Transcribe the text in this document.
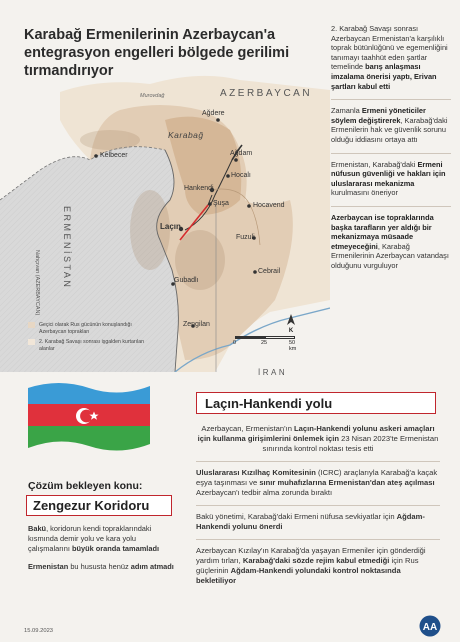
Murovdağ	AZERBAYCAN
Ağdere
Karabağ
Kelbecer	Ağdam
Hocalı
Hankendi
Laçın
Şuşa	Hocavend
Fuzuli
Cebrail
Gubadlı
Zengilan
ERMENİSTAN
Nahçıvan (AZERBAYCAN)
İRAN
Geçici olarak Rus gücünün konuşlandığı Azerbaycan toprakları
2. Karabağ Savaşı sonrası işgalden kurtarılan alanlar
K
0	25	50 km
Karabağ Ermenilerinin Azerbaycan'a entegrasyon engelleri bölgede gerilimi tırmandırıyor
2. Karabağ Savaşı sonrası Azerbaycan Ermenistan'a karşılıklı toprak bütünlüğünü ve egemenliğini tanımayı taahhüt eden şartlar temelinde barış anlaşması imzalama önerisi yaptı, Erivan şartları kabul etti
Zamanla Ermeni yöneticiler söylem değiştirerek, Karabağ'daki Ermenilerin hak ve güvenlik sorunu olduğu iddiasını ortaya attı
Ermenistan, Karabağ'daki Ermeni nüfusun güvenliği ve hakları için uluslararası mekanizma kurulmasını öneriyor
Azerbaycan ise topraklarında başka tarafların yer aldığı bir mekanizmaya müsaade etmeyeceğini, Karabağ Ermenilerinin Azerbaycan vatandaşı olduğunu vurguluyor
Laçın-Hankendi yolu

Azerbaycan, Ermenistan'ın Laçın-Hankendi yolunu askeri amaçları için kullanma girişimlerini önlemek için 23 Nisan 2023'te Ermenistan sınırında kontrol noktası tesis etti

Uluslararası Kızılhaç Komitesinin (ICRC) araçlarıyla Karabağ'a kaçak eşya taşınması ve sınır muhafızlarına Ermenistan'dan ateş açılması Azerbaycan'ı tedbir alma zorunda bıraktı

Bakü yönetimi, Karabağ'daki Ermeni nüfusa sevkiyatlar için Ağdam-Hankendi yolunu önerdi

Azerbaycan Kızılay'ın Karabağ'da yaşayan Ermeniler için gönderdiği yardım tırları, Karabağ'daki sözde rejim kabul etmediği için Rus güçlerinin Ağdam-Hankendi yolundaki kontrol noktasında bekletiliyor

Çözüm bekleyen konu:
Zengezur Koridoru

Bakü, koridorun kendi topraklarındaki kısmında demir yolu ve kara yolu çalışmalarını büyük oranda tamamladı

Ermenistan bu hususta henüz adım atmadı

15.09.2023	AA
